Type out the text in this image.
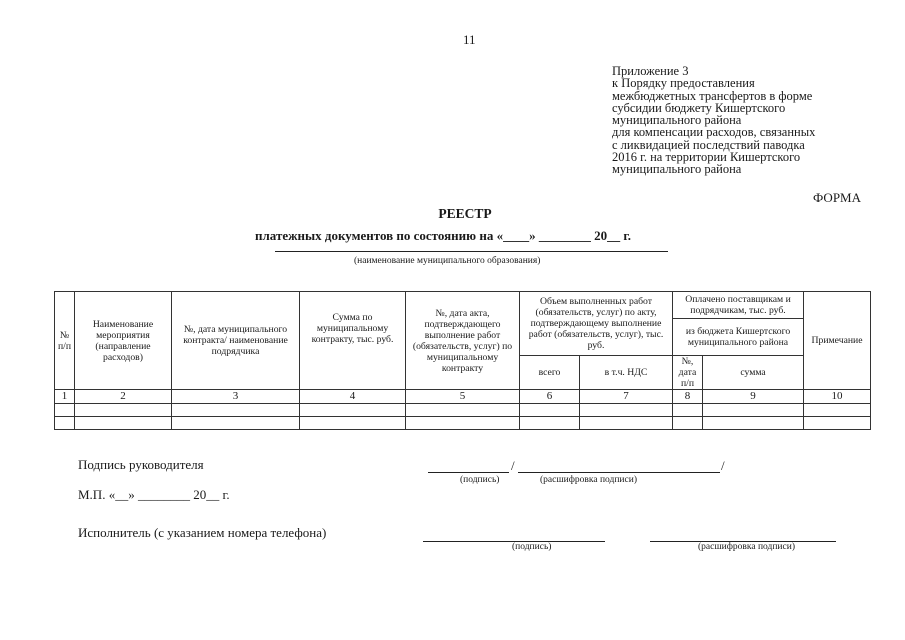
11
Приложение 3
к Порядку предоставления
межбюджетных трансфертов в форме
субсидии бюджету Кишертского
муниципального района
для компенсации расходов, связанных
с ликвидацией последствий паводка
2016 г. на территории Кишертского
муниципального района
ФОРМА
РЕЕСТР
платежных документов по состоянию на «____» ________ 20__ г.
(наименование муниципального образования)
№ п/п	Наименование мероприятия (направление расходов)	№, дата муниципального контракта/ наименование подрядчика	Сумма по муниципальному контракту, тыс. руб.	№, дата акта, подтверждающего выполнение работ (обязательств, услуг) по муниципальному контракту	Объем выполненных работ (обязательств, услуг) по акту, подтверждающему выполнение работ (обязательств, услуг), тыс. руб.		Оплачено поставщикам и подрядчикам, тыс. руб.		Примечание
							из бюджета Кишертского муниципального района		
					всего	в т.ч. НДС	№, дата п/п	сумма	
1	2	3	4	5	6	7	8	9	10

Подпись руководителя	/	/
(подпись)	(расшифровка подписи)
М.П. «__» ________ 20__ г.
Исполнитель (с указанием номера телефона)
(подпись)	(расшифровка подписи)
